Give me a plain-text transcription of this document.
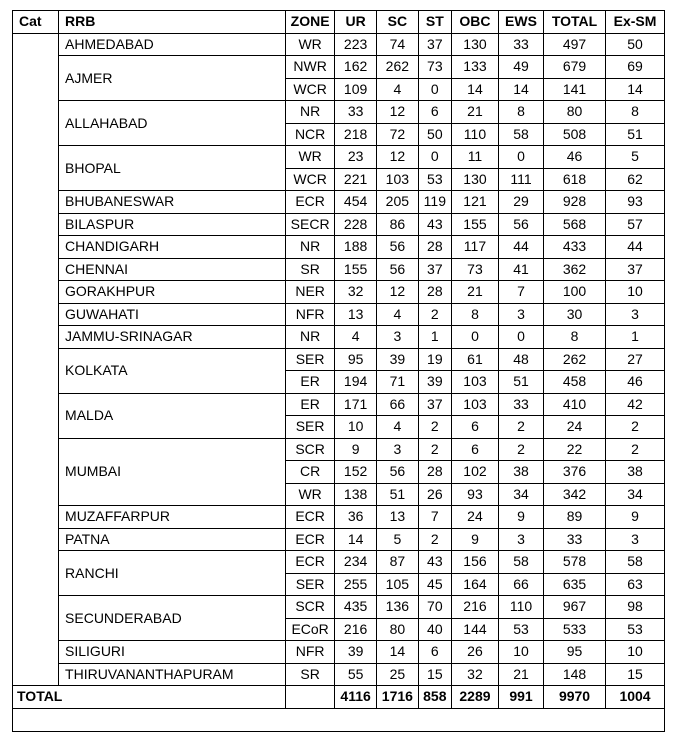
Cat	RRB	ZONE	UR	SC	ST	OBC	EWS	TOTAL	Ex-SM
	AHMEDABAD	WR	223	74	37	130	33	497	50
	AJMER	NWR	162	262	73	133	49	679	69
		WCR	109	4	0	14	14	141	14
	ALLAHABAD	NR	33	12	6	21	8	80	8
		NCR	218	72	50	110	58	508	51
	BHOPAL	WR	23	12	0	11	0	46	5
		WCR	221	103	53	130	111	618	62
	BHUBANESWAR	ECR	454	205	119	121	29	928	93
	BILASPUR	SECR	228	86	43	155	56	568	57
	CHANDIGARH	NR	188	56	28	117	44	433	44
	CHENNAI	SR	155	56	37	73	41	362	37
	GORAKHPUR	NER	32	12	28	21	7	100	10
	GUWAHATI	NFR	13	4	2	8	3	30	3
	JAMMU-SRINAGAR	NR	4	3	1	0	0	8	1
	KOLKATA	SER	95	39	19	61	48	262	27
		ER	194	71	39	103	51	458	46
	MALDA	ER	171	66	37	103	33	410	42
		SER	10	4	2	6	2	24	2
	MUMBAI	SCR	9	3	2	6	2	22	2
		CR	152	56	28	102	38	376	38
		WR	138	51	26	93	34	342	34
	MUZAFFARPUR	ECR	36	13	7	24	9	89	9
	PATNA	ECR	14	5	2	9	3	33	3
	RANCHI	ECR	234	87	43	156	58	578	58
		SER	255	105	45	164	66	635	63
	SECUNDERABAD	SCR	435	136	70	216	110	967	98
		ECoR	216	80	40	144	53	533	53
	SILIGURI	NFR	39	14	6	26	10	95	10
	THIRUVANANTHAPURAM	SR	55	25	15	32	21	148	15
TOTAL			4116	1716	858	2289	991	9970	1004
